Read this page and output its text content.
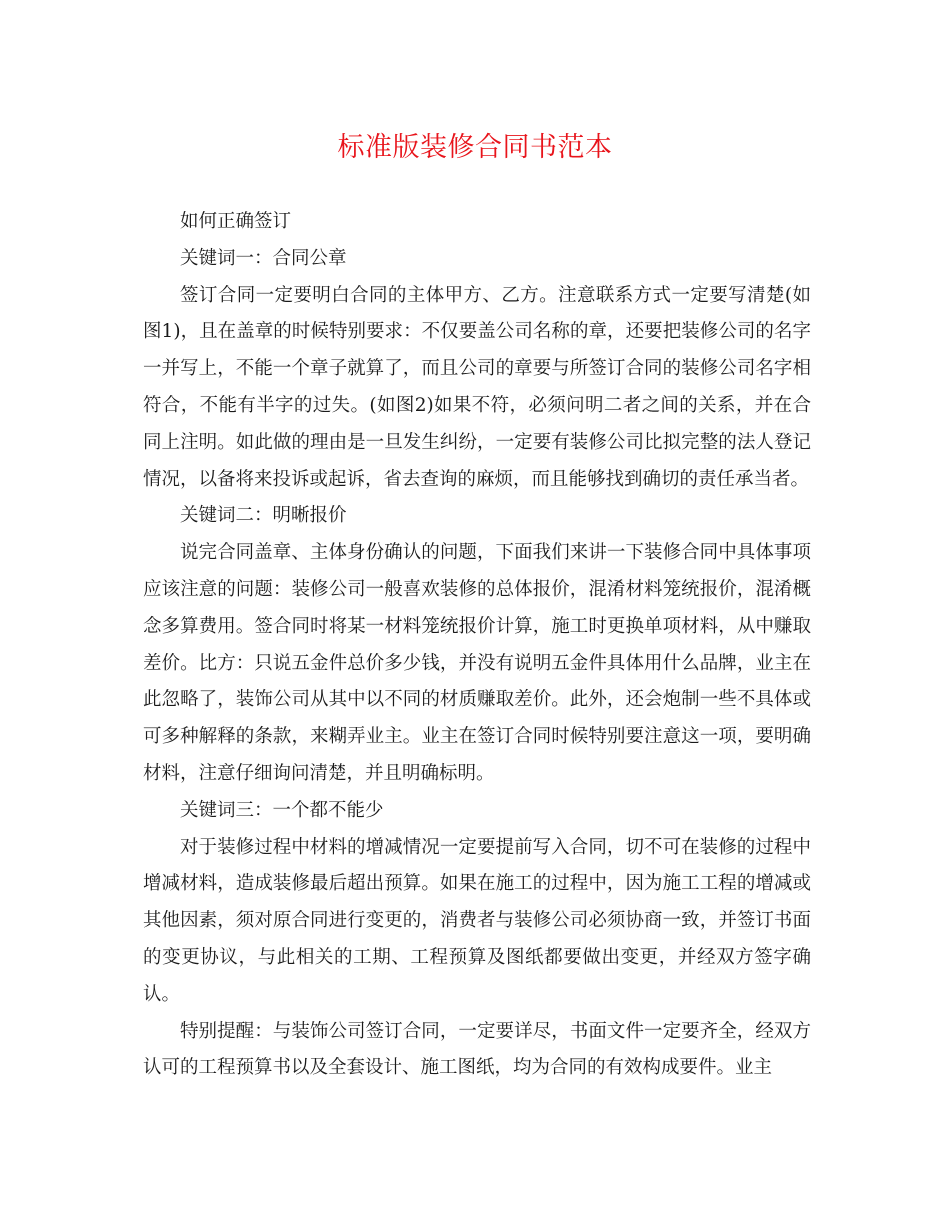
标准版装修合同书范本

如何正确签订

关键词一：合同公章

签订合同一定要明白合同的主体甲方、乙方。注意联系方式一定要写清楚(如图1)，且在盖章的时候特别要求：不仅要盖公司名称的章，还要把装修公司的名字一并写上，不能一个章子就算了，而且公司的章要与所签订合同的装修公司名字相符合，不能有半字的过失。(如图2)如果不符，必须问明二者之间的关系，并在合同上注明。如此做的理由是一旦发生纠纷，一定要有装修公司比拟完整的法人登记情况，以备将来投诉或起诉，省去查询的麻烦，而且能够找到确切的责任承当者。

关键词二：明晰报价

说完合同盖章、主体身份确认的问题，下面我们来讲一下装修合同中具体事项应该注意的问题：装修公司一般喜欢装修的总体报价，混淆材料笼统报价，混淆概念多算费用。签合同时将某一材料笼统报价计算，施工时更换单项材料，从中赚取差价。比方：只说五金件总价多少钱，并没有说明五金件具体用什么品牌，业主在此忽略了，装饰公司从其中以不同的材质赚取差价。此外，还会炮制一些不具体或可多种解释的条款，来糊弄业主。业主在签订合同时候特别要注意这一项，要明确材料，注意仔细询问清楚，并且明确标明。

关键词三：一个都不能少

对于装修过程中材料的增减情况一定要提前写入合同，切不可在装修的过程中增减材料，造成装修最后超出预算。如果在施工的过程中，因为施工工程的增减或其他因素，须对原合同进行变更的，消费者与装修公司必须协商一致，并签订书面的变更协议，与此相关的工期、工程预算及图纸都要做出变更，并经双方签字确认。

特别提醒：与装饰公司签订合同，一定要详尽，书面文件一定要齐全，经双方认可的工程预算书以及全套设计、施工图纸，均为合同的有效构成要件。业主
